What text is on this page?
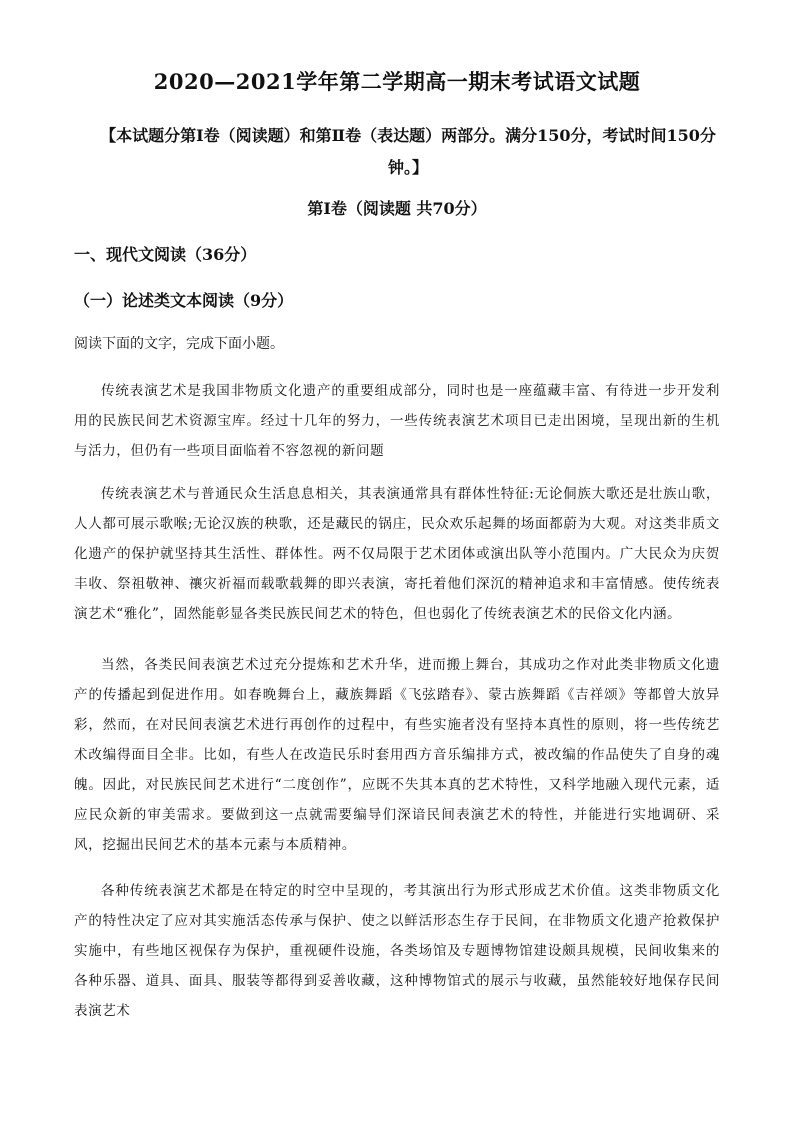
2020—2021学年第二学期高一期末考试语文试题
【本试题分第Ⅰ卷（阅读题）和第Ⅱ卷（表达题）两部分。满分150分，考试时间150分钟。】
第Ⅰ卷（阅读题 共70分）
一、现代文阅读（36分）
（一）论述类文本阅读（9分）
阅读下面的文字，完成下面小题。

传统表演艺术是我国非物质文化遗产的重要组成部分，同时也是一座蕴藏丰富、有待进一步开发利用的民族民间艺术资源宝库。经过十几年的努力，一些传统表演艺术项目已走出困境，呈现出新的生机与活力，但仍有一些项目面临着不容忽视的新问题

传统表演艺术与普通民众生活息息相关，其表演通常具有群体性特征:无论侗族大歌还是壮族山歌，人人都可展示歌喉;无论汉族的秧歌，还是藏民的锅庄，民众欢乐起舞的场面都蔚为大观。对这类非质文化遗产的保护就坚持其生活性、群体性。两不仅局限于艺术团体或演出队等小范围内。广大民众为庆贺丰收、祭祖敬神、禳灾祈福而载歌载舞的即兴表演，寄托着他们深沉的精神追求和丰富情感。使传统表演艺术“雅化”，固然能彰显各类民族民间艺术的特色，但也弱化了传统表演艺术的民俗文化内涵。

当然，各类民间表演艺术过充分提炼和艺术升华，进而搬上舞台，其成功之作对此类非物质文化遗产的传播起到促进作用。如春晚舞台上，藏族舞蹈《飞弦踏春》、蒙古族舞蹈《吉祥颂》等都曾大放异彩，然而，在对民间表演艺术进行再创作的过程中，有些实施者没有坚持本真性的原则，将一些传统艺术改编得面目全非。比如，有些人在改造民乐时套用西方音乐编排方式，被改编的作品使失了自身的魂魄。因此，对民族民间艺术进行“二度创作”，应既不失其本真的艺术特性，又科学地融入现代元素，适应民众新的审美需求。要做到这一点就需要编导们深谙民间表演艺术的特性，并能进行实地调研、采风，挖掘出民间艺术的基本元素与本质精神。

各种传统表演艺术都是在特定的时空中呈现的，考其演出行为形式形成艺术价值。这类非物质文化产的特性决定了应对其实施活态传承与保护、使之以鲜活形态生存于民间，在非物质文化遗产抢救保护实施中，有些地区视保存为保护，重视硬件设施，各类场馆及专题博物馆建设颇具规模，民间收集来的各种乐器、道具、面具、服装等都得到妥善收藏，这种博物馆式的展示与收藏，虽然能较好地保存民间表演艺术
